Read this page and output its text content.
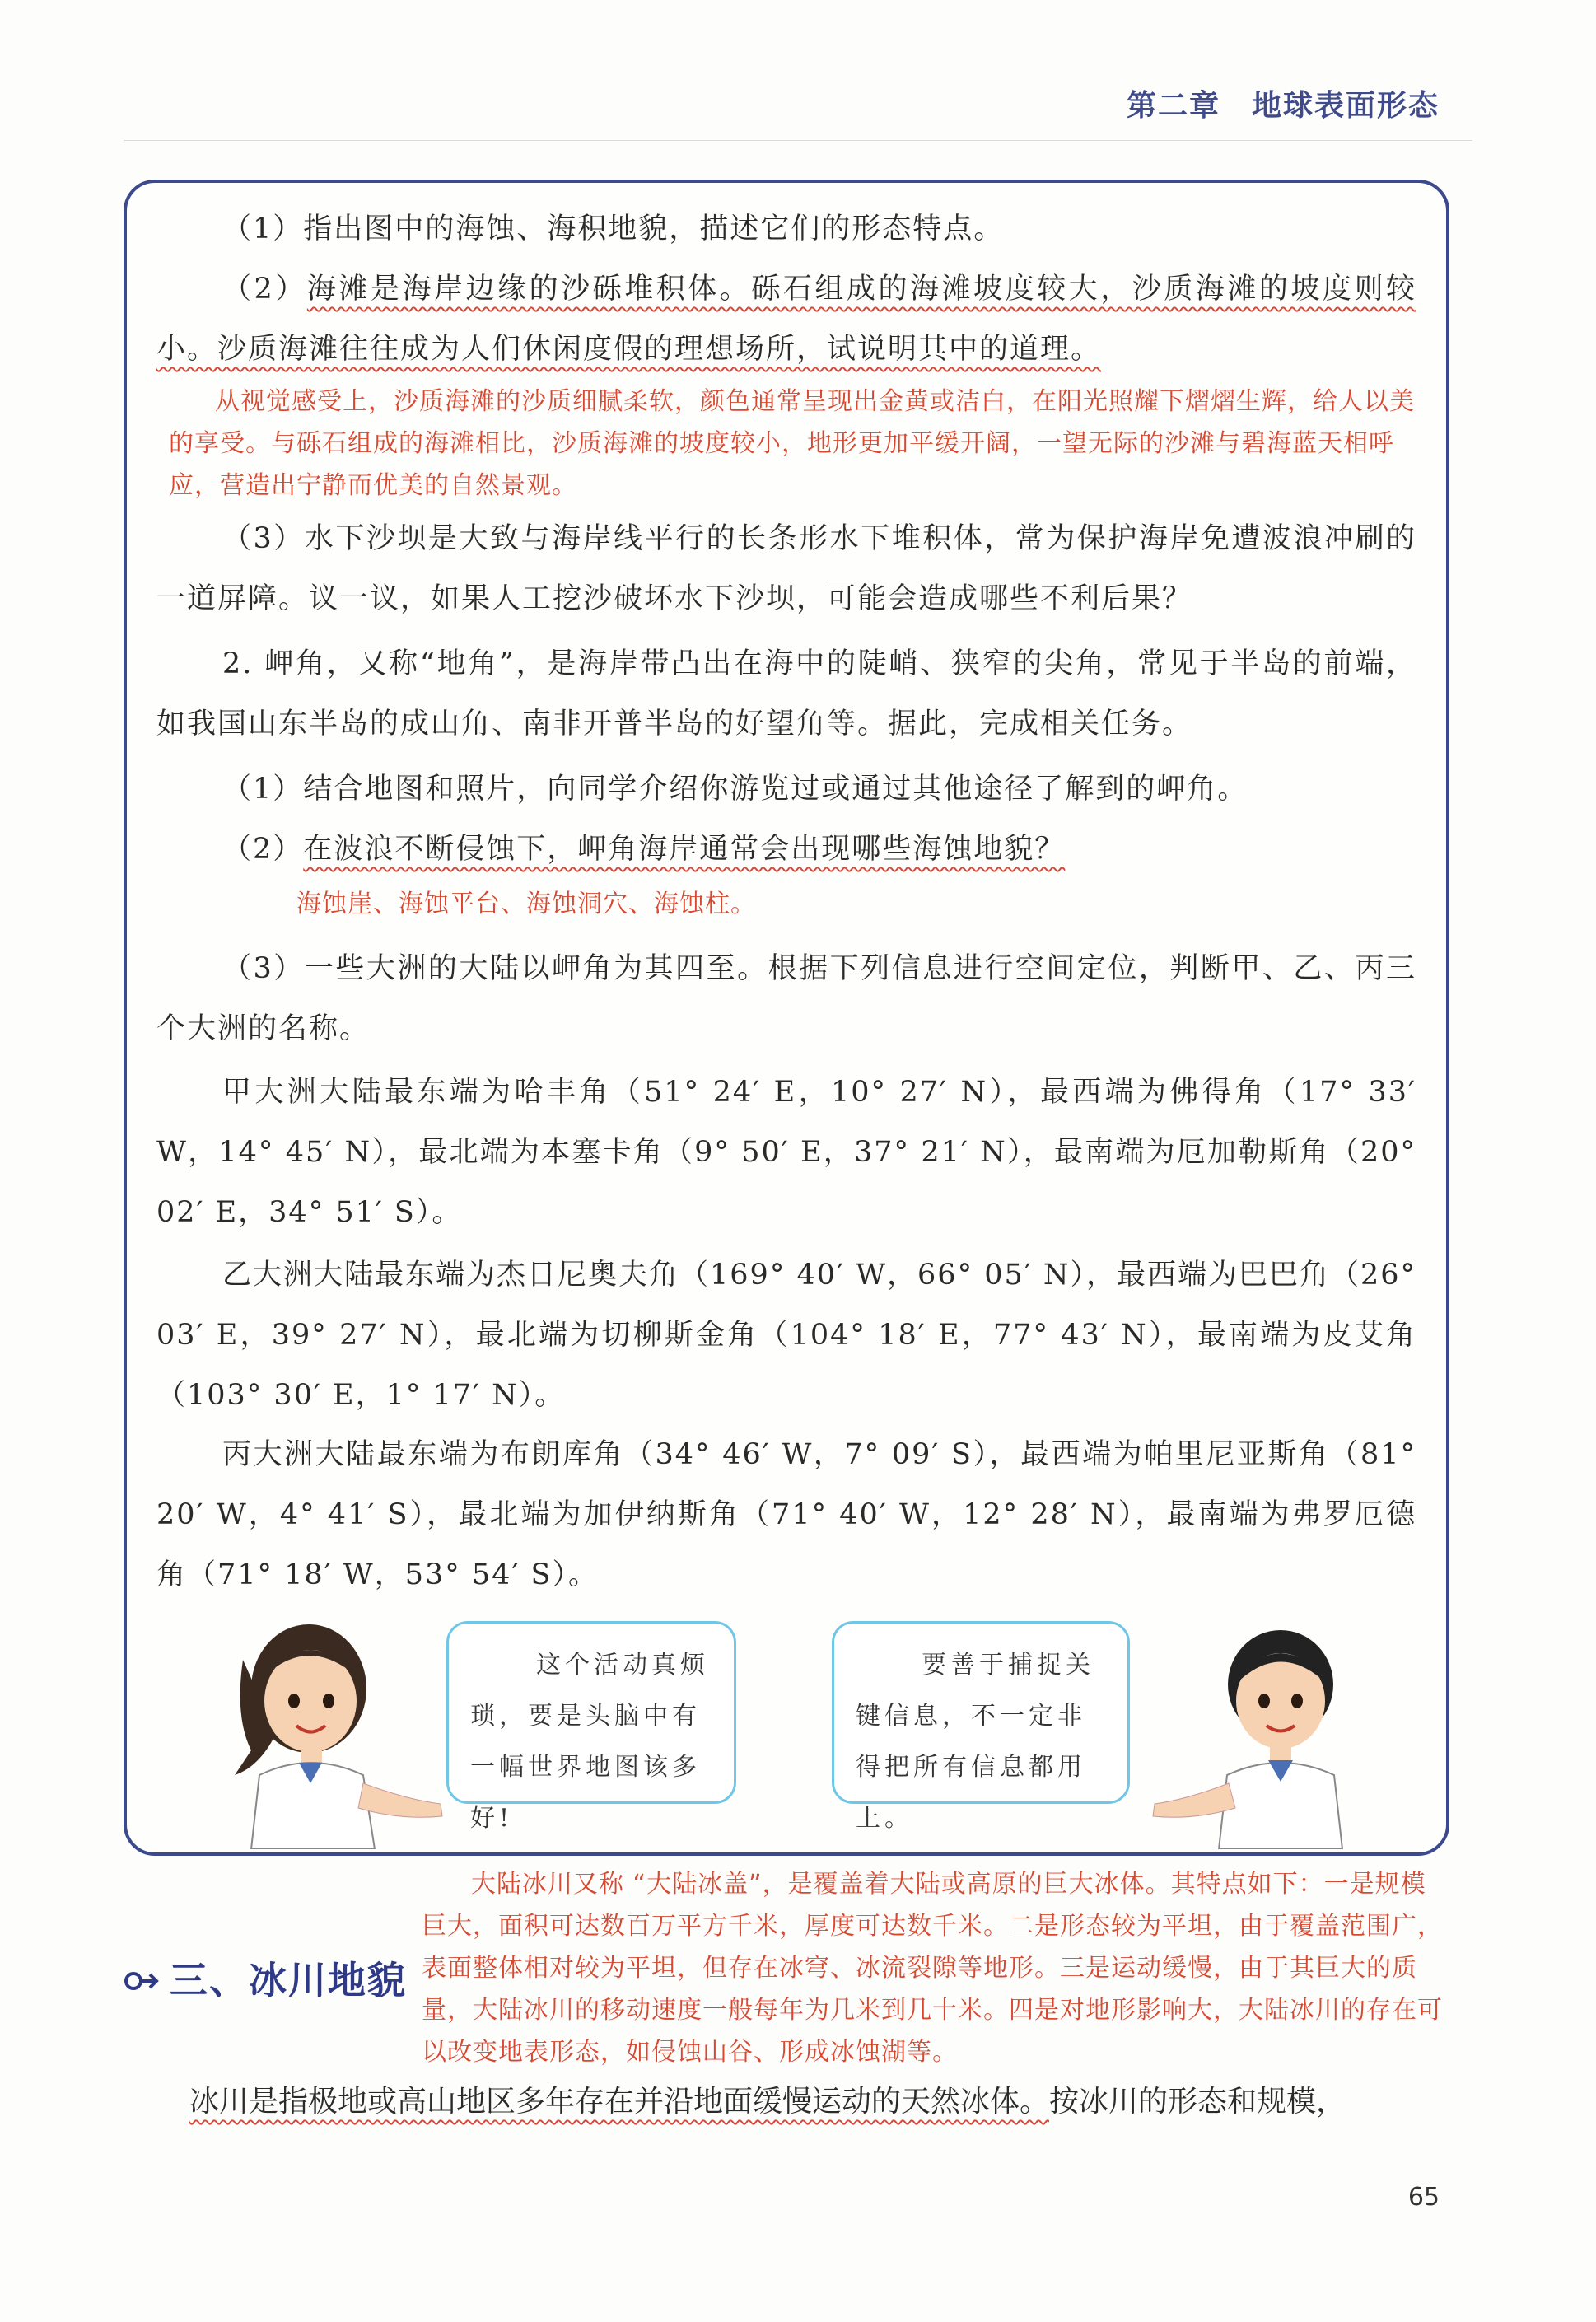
第二章　地球表面形态
（1）指出图中的海蚀、海积地貌，描述它们的形态特点。
（2）海滩是海岸边缘的沙砾堆积体。砾石组成的海滩坡度较大，沙质海滩的坡度则较小。沙质海滩往往成为人们休闲度假的理想场所，试说明其中的道理。
从视觉感受上，沙质海滩的沙质细腻柔软，颜色通常呈现出金黄或洁白，在阳光照耀下熠熠生辉，给人以美的享受。与砾石组成的海滩相比，沙质海滩的坡度较小，地形更加平缓开阔，一望无际的沙滩与碧海蓝天相呼应，营造出宁静而优美的自然景观。
（3）水下沙坝是大致与海岸线平行的长条形水下堆积体，常为保护海岸免遭波浪冲刷的一道屏障。议一议，如果人工挖沙破坏水下沙坝，可能会造成哪些不利后果？
2. 岬角，又称“地角”，是海岸带凸出在海中的陡峭、狭窄的尖角，常见于半岛的前端，如我国山东半岛的成山角、南非开普半岛的好望角等。据此，完成相关任务。
（1）结合地图和照片，向同学介绍你游览过或通过其他途径了解到的岬角。
（2）在波浪不断侵蚀下，岬角海岸通常会出现哪些海蚀地貌？
海蚀崖、海蚀平台、海蚀洞穴、海蚀柱。
（3）一些大洲的大陆以岬角为其四至。根据下列信息进行空间定位，判断甲、乙、丙三个大洲的名称。
甲大洲大陆最东端为哈丰角（51° 24′ E，10° 27′ N），最西端为佛得角（17° 33′ W，14° 45′ N），最北端为本塞卡角（9° 50′ E，37° 21′ N），最南端为厄加勒斯角（20° 02′ E，34° 51′ S）。
乙大洲大陆最东端为杰日尼奥夫角（169° 40′ W，66° 05′ N），最西端为巴巴角（26° 03′ E，39° 27′ N），最北端为切柳斯金角（104° 18′ E，77° 43′ N），最南端为皮艾角（103° 30′ E，1° 17′ N）。
丙大洲大陆最东端为布朗库角（34° 46′ W，7° 09′ S），最西端为帕里尼亚斯角（81° 20′ W，4° 41′ S），最北端为加伊纳斯角（71° 40′ W，12° 28′ N），最南端为弗罗厄德角（71° 18′ W，53° 54′ S）。
这个活动真烦琐，要是头脑中有一幅世界地图该多好!
要善于捕捉关键信息，不一定非得把所有信息都用上。
大陆冰川又称 “大陆冰盖”，是覆盖着大陆或高原的巨大冰体。其特点如下：一是规模巨大，面积可达数百万平方千米，厚度可达数千米。二是形态较为平坦，由于覆盖范围广，表面整体相对较为平坦，但存在冰穹、冰流裂隙等地形。三是运动缓慢，由于其巨大的质量，大陆冰川的移动速度一般每年为几米到几十米。四是对地形影响大，大陆冰川的存在可以改变地表形态，如侵蚀山谷、形成冰蚀湖等。
三、冰川地貌
冰川是指极地或高山地区多年存在并沿地面缓慢运动的天然冰体。按冰川的形态和规模，
65
